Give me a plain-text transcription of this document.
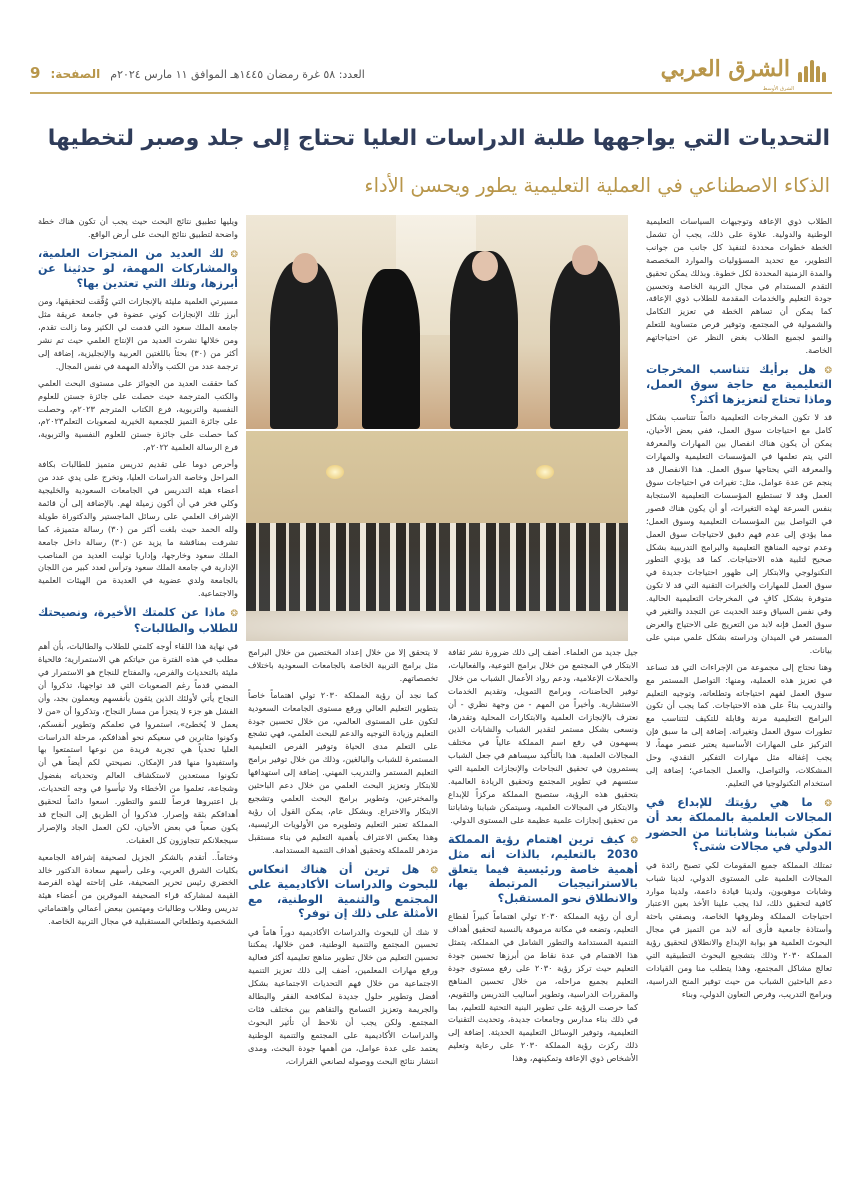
الشرق العربي
الشرق الأوسط
العدد: ٥٨ غرة رمضان ١٤٤٥هـ الموافق ١١ مارس ٢٠٢٤م
الصفحة:
9
التحديات التي يواجهها طلبة الدراسات العليا تحتاج إلى جلد وصبر لتخطيها
الذكاء الاصطناعي في العملية التعليمية يطور ويحسن الأداء

الطلاب ذوي الإعاقة وتوجيهات السياسات التعليمية الوطنية والدولية. علاوة على ذلك، يجب أن تشمل الخطة خطوات محددة لتنفيذ كل جانب من جوانب التطوير، مع تحديد المسؤوليات والموارد المخصصة والمدة الزمنية المحددة لكل خطوة. وبذلك يمكن تحقيق التقدم المستدام في مجال التربية الخاصة وتحسين جودة التعليم والخدمات المقدمة للطلاب ذوي الإعاقة، كما يمكن أن تساهم الخطة في تعزيز التكامل والشمولية في المجتمع، وتوفير فرص متساوية للتعلم والنمو لجميع الطلاب بغض النظر عن احتياجاتهم الخاصة.

❂ هل برأيك تتناسب المخرجات التعليمية مع حاجة سوق العمل، وماذا تحتاج لتعزيزها أكثر؟

قد لا تكون المخرجات التعليمية دائماً تتناسب بشكل كامل مع احتياجات سوق العمل، ففي بعض الأحيان، يمكن أن يكون هناك انفصال بين المهارات والمعرفة التي يتم تعلمها في المؤسسات التعليمية والمهارات والمعرفة التي يحتاجها سوق العمل. هذا الانفصال قد ينجم عن عدة عوامل، مثل: تغيرات في احتياجات سوق العمل وقد لا تستطيع المؤسسات التعليمية الاستجابة بنفس السرعة لهذه التغيرات، أو أن يكون هناك قصور في التواصل بين المؤسسات التعليمية وسوق العمل؛ مما يؤدي إلى عدم فهم دقيق لاحتياجات سوق العمل وعدم توجيه المناهج التعليمية والبرامج التدريبية بشكل صحيح لتلبية هذه الاحتياجات. كما قد يؤدي التطور التكنولوجي والابتكار إلى ظهور احتياجات جديدة في سوق العمل للمهارات والخبرات التقنية التي قد لا تكون متوفرة بشكل كافٍ في المخرجات التعليمية الحالية. وفي نفس السياق وعند الحديث عن التجدد والتغير في سوق العمل فإنه لابد من التعريج على الاحتياج والعرض المستمر في الميدان ودراسته بشكل علمي مبني على بيانات.

وهنا نحتاج إلى مجموعة من الإجراءات التي قد تساعد في تعزيز هذه العملية، ومنها: التواصل المستمر مع سوق العمل لفهم احتياجاته وتطلعاته، وتوجيه التعليم والتدريب بناءً على هذه الاحتياجات. كما يجب أن تكون البرامج التعليمية مرنة وقابلة للتكيف لتتناسب مع تطورات سوق العمل وتغيراته. إضافة إلى ما سبق فإن التركيز على المهارات الأساسية يعتبر عنصر مهماً، لا يجب إغفاله مثل مهارات التفكير النقدي، وحل المشكلات، والتواصل، والعمل الجماعي؛ إضافة إلى استخدام التكنولوجيا في التعليم.

❂ ما هي رؤيتك للإبداع في المجالات العلمية بالمملكة بعد أن تمكن شبابنا وشاباتنا من الحضور الدولي في مجالات شتى؟

تمتلك المملكة جميع المقومات لكي تصبح رائدة في المجالات العلمية على المستوى الدولي، لدينا شباب وشابات موهوبون، ولدينا قيادة داعمة، ولدينا موارد كافية لتحقيق ذلك، لذا يجب علينا الأخذ بعين الاعتبار احتياجات المملكة وظروفها الخاصة، وبصفتي باحثة وأستاذة جامعية فأرى أنه لابد من التميز في مجال البحوث العلمية هو بوابة الإبداع والانطلاق لتحقيق رؤية المملكة ٢٠٣٠ وذلك بتشجيع البحوث التطبيقية التي تعالج مشاكل المجتمع، وهذا يتطلب منا ومن القيادات دعم الباحثين الشباب من حيث توفير المنح الدراسية، وبرامج التدريب، وفرص التعاون الدولي، وبناء

جيل جديد من العلماء. أضف إلى ذلك ضرورة نشر ثقافة الابتكار في المجتمع من خلال برامج التوعية، والفعاليات، والحملات الإعلامية، ودعم رواد الأعمال الشباب من خلال توفير الحاضنات، وبرامج التمويل، وتقديم الخدمات الاستشارية. وأخيراً من المهم - من وجهة نظري - أن نعترف بالإنجازات العلمية والابتكارات المحلية وتقدرها، ونسعى بشكل مستمر لتقدير الشباب والشابات الذين يسهمون في رفع اسم المملكة عالياً في مختلف المجالات العلمية. هذا بالتأكيد سيساهم في جعل الشباب يستمرون في تحقيق النجاحات والإنجازات العلمية التي ستسهم في تطوير المجتمع وتحقيق الريادة العالمية. بتحقيق هذه الرؤية، ستصبح المملكة مركزاً للإبداع والابتكار في المجالات العلمية، وسيتمكن شبابنا وشاباتنا من تحقيق إنجازات علمية عظيمة على المستوى الدولي.

❂ كيف ترين اهتمام رؤية المملكة 2030 بالتعليم، بالذات أنه مثل أهمية خاصة ورئيسية فيما يتعلق بالاستراتيجيات المرتبطة بها، والانطلاق نحو المستقبل؟

أرى أن رؤية المملكة ٢٠٣٠ تولي اهتماماً كبيراً لقطاع التعليم، وتضعه في مكانة مرموقة بالنسبة لتحقيق أهداف التنمية المستدامة والتطور الشامل في المملكة، يتمثل هذا الاهتمام في عدة نقاط من أبرزها تحسين جودة التعليم حيث تركز رؤية ٢٠٣٠ على رفع مستوى جودة التعليم بجميع مراحله، من خلال تحسين المناهج والمقررات الدراسية، وتطوير أساليب التدريس والتقويم، كما حرصت الرؤية على تطوير البنية التحتية للتعليم، بما في ذلك بناء مدارس وجامعات جديدة، وتحديث التقنيات التعليمية، وتوفير الوسائل التعليمية الحديثة. إضافة إلى ذلك ركزت رؤية المملكة ٢٠٣٠ على رعاية وتعليم الأشخاص ذوي الإعاقة وتمكينهم، وهذا

لا يتحقق إلا من خلال إعداد المختصين من خلال البرامج مثل برامج التربية الخاصة بالجامعات السعودية باختلاف تخصصاتهم.

كما نجد أن رؤية المملكة ٢٠٣٠ تولي اهتماماً خاصاً بتطوير التعليم العالي ورفع مستوى الجامعات السعودية لتكون على المستوى العالمي، من خلال تحسين جودة التعليم وزيادة التوجيه والدعم للبحث العلمي، فهي تشجع على التعلم مدى الحياة وتوفير الفرص التعليمية المستمرة للشباب والبالغين، وذلك من خلال توفير برامج التعليم المستمر والتدريب المهني. إضافة إلى استهدافها للابتكار وتعزيز البحث العلمي من خلال دعم الباحثين والمخترعين، وتطوير برامج البحث العلمي وتشجيع الابتكار والاختراع. وبشكل عام، يمكن القول إن رؤية المملكة تعتبر التعليم وتطويره من الأولويات الرئيسية، وهذا يعكس الاعتراف بأهمية التعليم في بناء مستقبل مزدهر للمملكة وتحقيق أهداف التنمية المستدامة.

❂ هل ترين أن هناك انعكاس للبحوث والدراسات الأكاديمية على المجتمع والتنمية الوطنية، مع الأمثلة على ذلك إن توفر؟

لا شك أن للبحوث والدراسات الأكاديمية دوراً هاماً في تحسين المجتمع والتنمية الوطنية، فمن خلالها، يمكننا تحسين التعليم من خلال تطوير مناهج تعليمية أكثر فعالية ورفع مهارات المعلمين، أضف إلى ذلك تعزيز التنمية الاجتماعية من خلال فهم التحديات الاجتماعية بشكل أفضل وتطوير حلول جديدة لمكافحة الفقر والبطالة والجريمة وتعزيز التسامح والتفاهم بين مختلف فئات المجتمع. ولكن يجب أن نلاحظ أن تأثير البحوث والدراسات الأكاديمية على المجتمع والتنمية الوطنية يعتمد على عدة عوامل، من أهمها جودة البحث، ومدى انتشار نتائج البحث ووصوله لصانعي القرارات،

ويليها تطبيق نتائج البحث حيث يجب أن تكون هناك خطة واضحة لتطبيق نتائج البحث على أرض الواقع.

❂ لك العديد من المنجزات العلمية، والمشاركات المهمة، لو حدثينا عن أبرزها، وتلك التي تعتدين بها؟

مسيرتي العلمية مليئة بالإنجازات التي وُفِّقت لتحقيقها، ومن أبرز تلك الإنجازات كوني عضوة في جامعة عريقة مثل جامعة الملك سعود التي قدمت لي الكثير وما زالت تقدم، ومن خلالها نشرت العديد من الإنتاج العلمي حيث تم نشر أكثر من (٣٠) بحثاً باللغتين العربية والإنجليزية، إضافة إلى ترجمة عدد من الكتب والأدلة المهمة في نفس المجال.

كما حققت العديد من الجوائز على مستوى البحث العلمي والكتب المترجمة حيث حصلت على جائزة جستن للعلوم النفسية والتربوية، فرع الكتاب المترجم ٢٠٢٣م، وحصلت على جائزة التميز للجمعية الخيرية لصعوبات التعلم٢٠٢٣م، كما حصلت على جائزة جستن للعلوم النفسية والتربوية، فرع الرسالة العلمية ٢٠٢٢م.

وأحرص دوما على تقديم تدريس متميز للطالبات بكافة المراحل وخاصة الدراسات العليا، وتخرج على يدي عدد من أعضاء هيئة التدريس في الجامعات السعودية والخليجية وكلي فخر في أن أكون زميلة لهم. بالإضافة إلى أن قائمة الإشراف العلمي على رسائل الماجستير والدكتوراة طويلة ولله الحمد حيث بلغت أكثر من (٣٠) رسالة متميزة، كما تشرفت بمناقشة ما يزيد عن (٣٠) رسالة داخل جامعة الملك سعود وخارجها، وإداريا توليت العديد من المناصب الإدارية في جامعة الملك سعود وترأس لعدد كبير من اللجان بالجامعة ولدي عضوية في العديدة من الهيئات العلمية والاجتماعية.

❂ ماذا عن كلمتك الأخيرة، ونصيحتك للطلاب والطالبات؟

في نهاية هذا اللقاء أوجه كلمتي للطلاب والطالبات، بأن أهم مطلب في هذه الفترة من حياتكم هي الاستمرارية؛ فالحياة مليئة بالتحديات والفرص، والمفتاح للنجاح هو الاستمرار في المضي قدماً رغم الصعوبات التي قد تواجهنا، تذكروا أن النجاح يأتي لأولئك الذين يثقون بأنفسهم ويعملون بجد، وأن الفشل هو جزء لا يتجزأ من مسار النجاح، وتذكروا أن «من لا يعمل لا يُخطئ»، استمروا في تعلمكم وتطوير أنفسكم، وكونوا مثابرين في سعيكم نحو أهدافكم، مرحلة الدراسات العليا تحدياً هي تجربة فريدة من نوعها استمتعوا بها واستفيدوا منها قدر الإمكان. نصيحتي لكم أيضاً هي أن تكونوا مستعدين لاستكشاف العالم وتحدياته بفضول وشجاعة، تعلموا من الأخطاء ولا تيأسوا في وجه التحديات، بل اعتبروها فرصاً للنمو والتطور. اسعوا دائماً لتحقيق أهدافكم بثقة وإصرار. فذكروا أن الطريق إلى النجاح قد يكون صعباً في بعض الأحيان، لكن العمل الجاد والإصرار سيجعلانكم تتجاوزون كل العقبات.

وختاماً.. أتقدم بالشكر الجزيل لصحيفة إشراقة الجامعية بكليات الشرق العربي، وعلى رأسهم سعادة الدكتور خالد الخضري رئيس تحرير الصحيفة، على إتاحته لهذه الفرصة القيمة لمشاركة قراء الصحيفة الموقرين من أعضاء هيئة تدريس وطلاب وطالبات ومهتمين ببعض أعمالي واهتماماتي الشخصية وتطلعاتي المستقبلية في مجال التربية الخاصة.
